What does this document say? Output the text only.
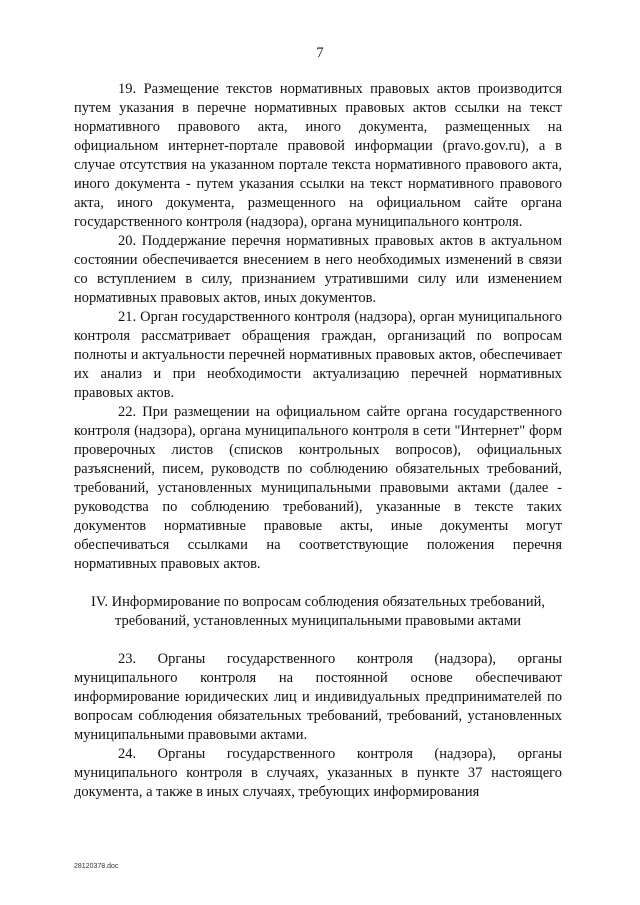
7

19. Размещение текстов нормативных правовых актов производится путем указания в перечне нормативных правовых актов ссылки на текст нормативного правового акта, иного документа, размещенных на официальном интернет-портале правовой информации (pravo.gov.ru), а в случае отсутствия на указанном портале текста нормативного правового акта, иного документа - путем указания ссылки на текст нормативного правового акта, иного документа, размещенного на официальном сайте органа государственного контроля (надзора), органа муниципального контроля.

20. Поддержание перечня нормативных правовых актов в актуальном состоянии обеспечивается внесением в него необходимых изменений в связи со вступлением в силу, признанием утратившими силу или изменением нормативных правовых актов, иных документов.

21. Орган государственного контроля (надзора), орган муниципального контроля рассматривает обращения граждан, организаций по вопросам полноты и актуальности перечней нормативных правовых актов, обеспечивает их анализ и при необходимости актуализацию перечней нормативных правовых актов.

22. При размещении на официальном сайте органа государственного контроля (надзора), органа муниципального контроля в сети "Интернет" форм проверочных листов (списков контрольных вопросов), официальных разъяснений, писем, руководств по соблюдению обязательных требований, требований, установленных муниципальными правовыми актами (далее - руководства по соблюдению требований), указанные в тексте таких документов нормативные правовые акты, иные документы могут обеспечиваться ссылками на соответствующие положения перечня нормативных правовых актов.

IV. Информирование по вопросам соблюдения обязательных требований, требований, установленных муниципальными правовыми актами

23. Органы государственного контроля (надзора), органы муниципального контроля на постоянной основе обеспечивают информирование юридических лиц и индивидуальных предпринимателей по вопросам соблюдения обязательных требований, требований, установленных муниципальными правовыми актами.

24. Органы государственного контроля (надзора), органы муниципального контроля в случаях, указанных в пункте 37 настоящего документа, а также в иных случаях, требующих информирования

28120378.doc
